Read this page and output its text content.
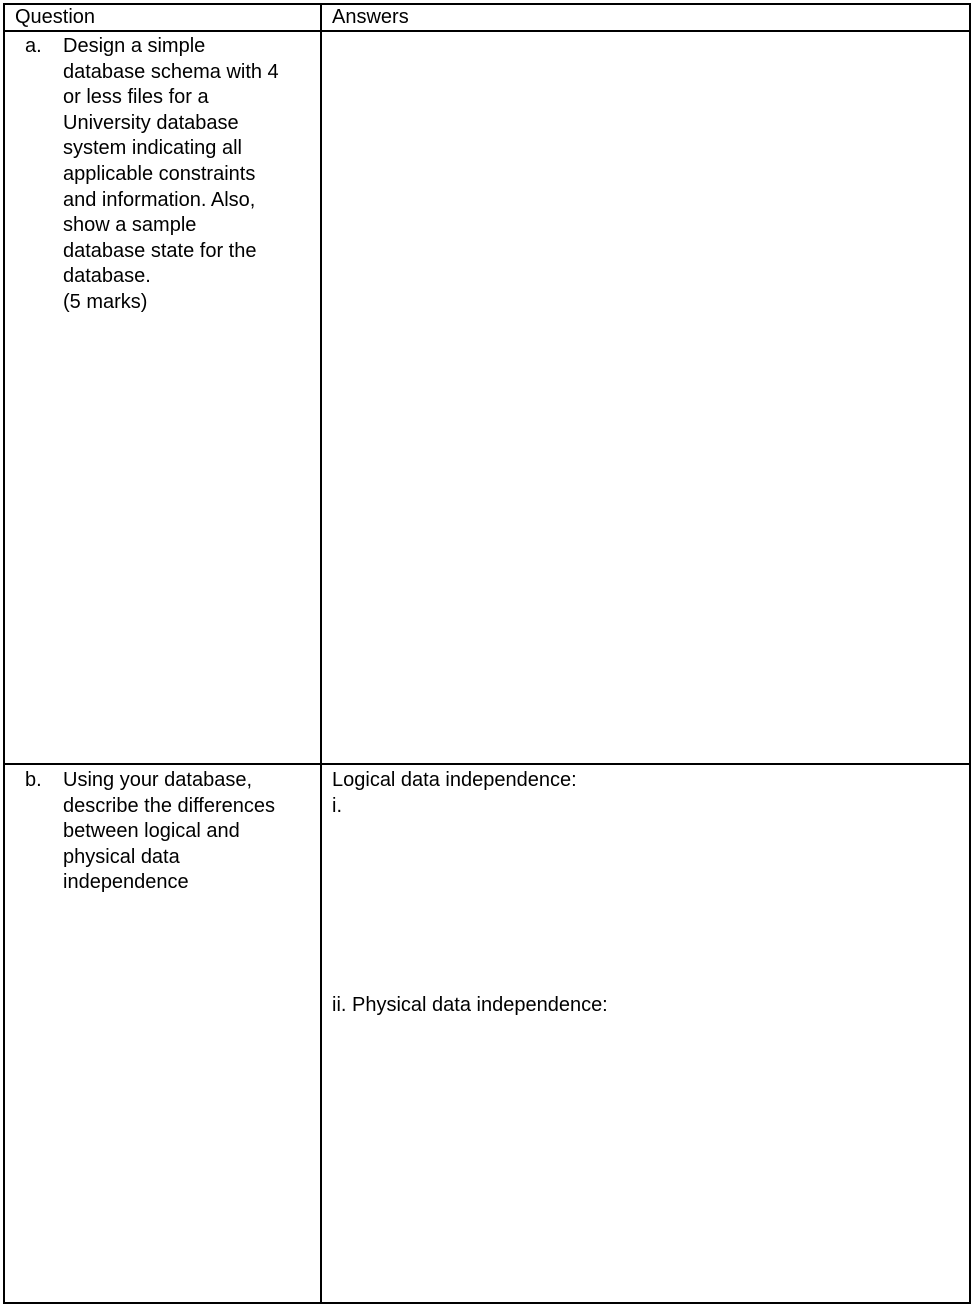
Question	Answers
a. Design a simple
database schema with 4
or less files for a
University database
system indicating all
applicable constraints
and information. Also,
show a sample
database state for the
database.
(5 marks)
b. Using your database,
describe the differences
between logical and
physical data
independence
Logical data independence:
i.
ii. Physical data independence:
